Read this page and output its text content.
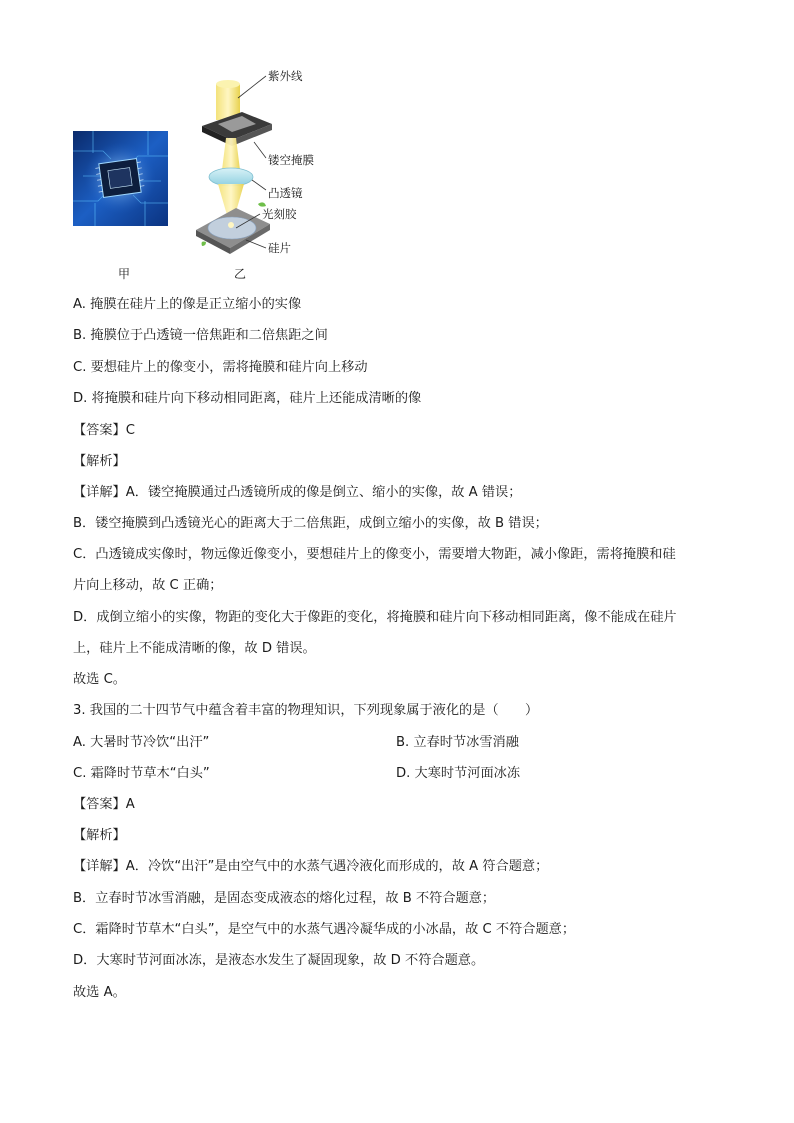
甲
紫外线
镂空掩膜
凸透镜
光刻胶
硅片
乙
A. 掩膜在硅片上的像是正立缩小的实像
B. 掩膜位于凸透镜一倍焦距和二倍焦距之间
C. 要想硅片上的像变小，需将掩膜和硅片向上移动
D. 将掩膜和硅片向下移动相同距离，硅片上还能成清晰的像
【答案】C
【解析】
【详解】A．镂空掩膜通过凸透镜所成的像是倒立、缩小的实像，故 A 错误；
B．镂空掩膜到凸透镜光心的距离大于二倍焦距，成倒立缩小的实像，故 B 错误；
C．凸透镜成实像时，物远像近像变小，要想硅片上的像变小，需要增大物距，减小像距，需将掩膜和硅
片向上移动，故 C 正确；
D．成倒立缩小的实像，物距的变化大于像距的变化，将掩膜和硅片向下移动相同距离，像不能成在硅片
上，硅片上不能成清晰的像，故 D 错误。
故选 C。
3. 我国的二十四节气中蕴含着丰富的物理知识，下列现象属于液化的是（　　）
A. 大暑时节冷饮“出汗”	B. 立春时节冰雪消融
C. 霜降时节草木“白头”	D. 大寒时节河面冰冻
【答案】A
【解析】
【详解】A．冷饮“出汗”是由空气中的水蒸气遇冷液化而形成的，故 A 符合题意；
B．立春时节冰雪消融，是固态变成液态的熔化过程，故 B 不符合题意；
C．霜降时节草木“白头”，是空气中的水蒸气遇冷凝华成的小冰晶，故 C 不符合题意；
D．大寒时节河面冰冻，是液态水发生了凝固现象，故 D 不符合题意。
故选 A。
